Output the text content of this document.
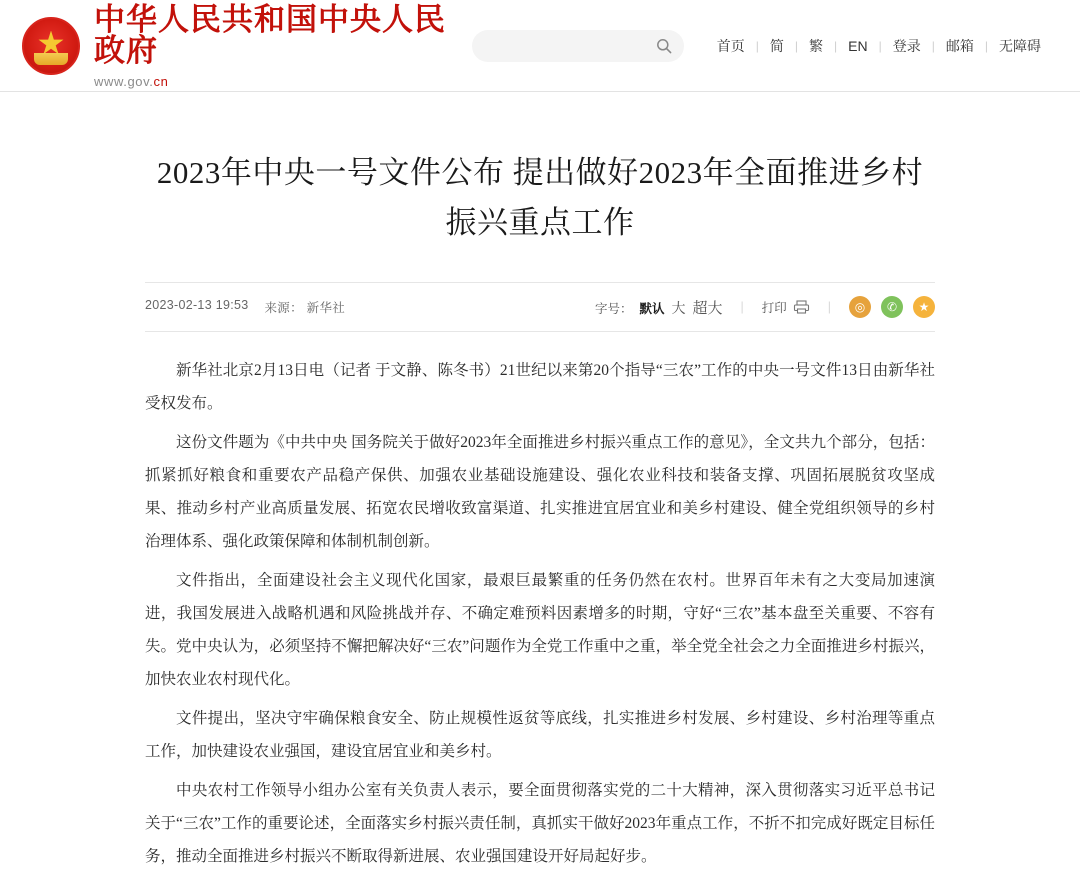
中华人民共和国中央人民政府
www.gov.cn
首页 | 简 | 繁 | EN | 登录 | 邮箱 | 无障碍
2023年中央一号文件公布 提出做好2023年全面推进乡村振兴重点工作
2023-02-13 19:53 来源： 新华社	字号： 默认 大 超大	|	打印	|	◎	✆	★

新华社北京2月13日电（记者 于文静、陈冬书）21世纪以来第20个指导“三农”工作的中央一号文件13日由新华社受权发布。

这份文件题为《中共中央 国务院关于做好2023年全面推进乡村振兴重点工作的意见》，全文共九个部分，包括：抓紧抓好粮食和重要农产品稳产保供、加强农业基础设施建设、强化农业科技和装备支撑、巩固拓展脱贫攻坚成果、推动乡村产业高质量发展、拓宽农民增收致富渠道、扎实推进宜居宜业和美乡村建设、健全党组织领导的乡村治理体系、强化政策保障和体制机制创新。

文件指出，全面建设社会主义现代化国家，最艰巨最繁重的任务仍然在农村。世界百年未有之大变局加速演进，我国发展进入战略机遇和风险挑战并存、不确定难预料因素增多的时期，守好“三农”基本盘至关重要、不容有失。党中央认为，必须坚持不懈把解决好“三农”问题作为全党工作重中之重，举全党全社会之力全面推进乡村振兴，加快农业农村现代化。

文件提出，坚决守牢确保粮食安全、防止规模性返贫等底线，扎实推进乡村发展、乡村建设、乡村治理等重点工作，加快建设农业强国，建设宜居宜业和美乡村。

中央农村工作领导小组办公室有关负责人表示，要全面贯彻落实党的二十大精神，深入贯彻落实习近平总书记关于“三农”工作的重要论述，全面落实乡村振兴责任制，真抓实干做好2023年重点工作，不折不扣完成好既定目标任务，推动全面推进乡村振兴不断取得新进展、农业强国建设开好局起好步。
